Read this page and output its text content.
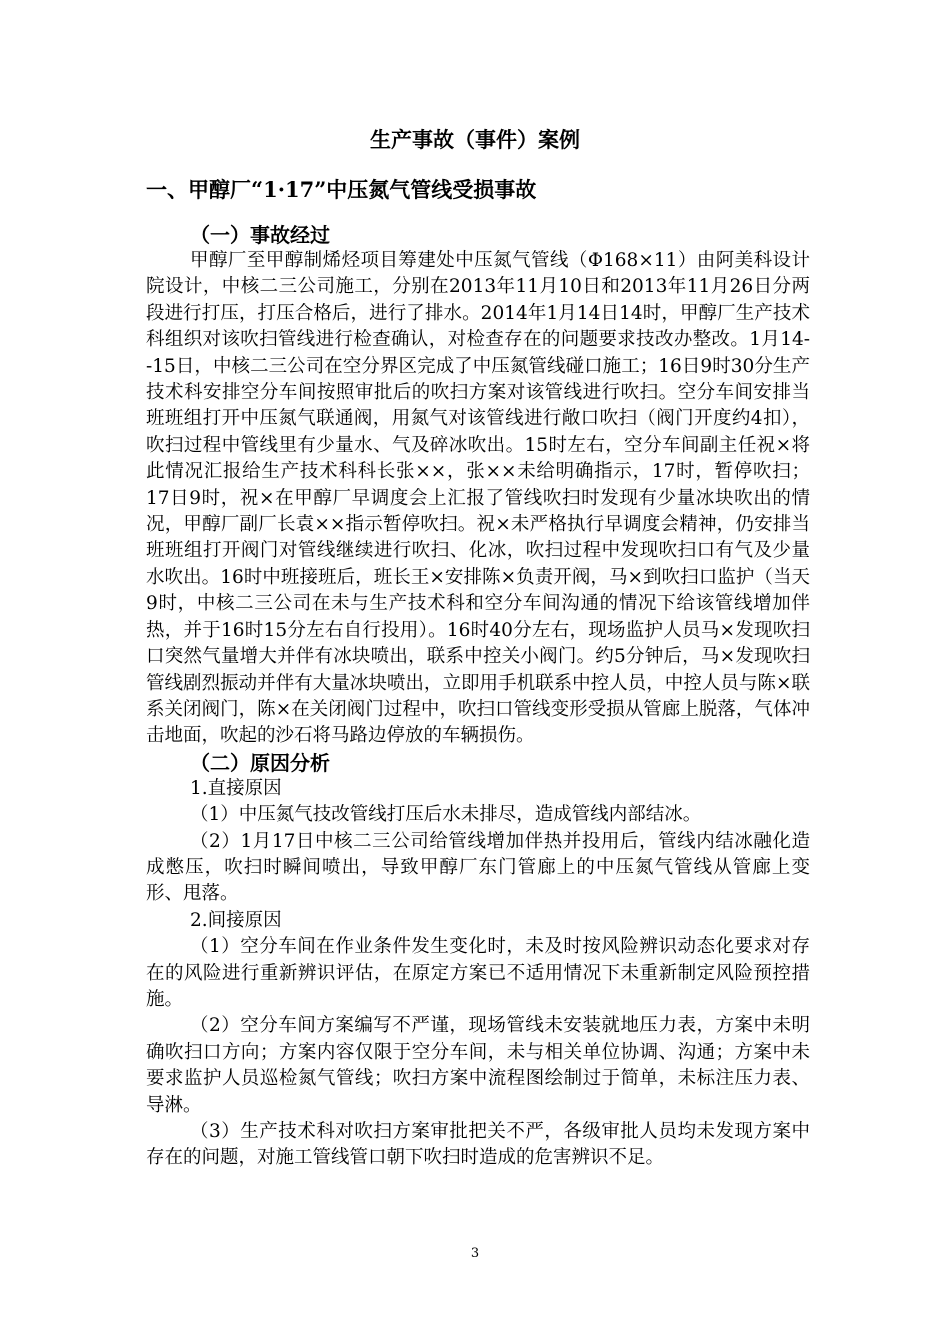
生产事故（事件）案例
一、甲醇厂“1·17”中压氮气管线受损事故
（一）事故经过

甲醇厂至甲醇制烯烃项目筹建处中压氮气管线（Φ168×11）由阿美科设计院设计，中核二三公司施工，分别在2013年11月10日和2013年11月26日分两段进行打压，打压合格后，进行了排水。2014年1月14日14时，甲醇厂生产技术科组织对该吹扫管线进行检查确认，对检查存在的问题要求技改办整改。1月14--15日，中核二三公司在空分界区完成了中压氮管线碰口施工；16日9时30分生产技术科安排空分车间按照审批后的吹扫方案对该管线进行吹扫。空分车间安排当班班组打开中压氮气联通阀，用氮气对该管线进行敞口吹扫（阀门开度约4扣），吹扫过程中管线里有少量水、气及碎冰吹出。15时左右，空分车间副主任祝×将此情况汇报给生产技术科科长张××，张××未给明确指示，17时，暂停吹扫；17日9时，祝×在甲醇厂早调度会上汇报了管线吹扫时发现有少量冰块吹出的情况，甲醇厂副厂长袁××指示暂停吹扫。祝×未严格执行早调度会精神，仍安排当班班组打开阀门对管线继续进行吹扫、化冰，吹扫过程中发现吹扫口有气及少量水吹出。16时中班接班后，班长王×安排陈×负责开阀，马×到吹扫口监护（当天9时，中核二三公司在未与生产技术科和空分车间沟通的情况下给该管线增加伴热，并于16时15分左右自行投用）。16时40分左右，现场监护人员马×发现吹扫口突然气量增大并伴有冰块喷出，联系中控关小阀门。约5分钟后，马×发现吹扫管线剧烈振动并伴有大量冰块喷出，立即用手机联系中控人员，中控人员与陈×联系关闭阀门，陈×在关闭阀门过程中，吹扫口管线变形受损从管廊上脱落，气体冲击地面，吹起的沙石将马路边停放的车辆损伤。

（二）原因分析

1.直接原因

（1）中压氮气技改管线打压后水未排尽，造成管线内部结冰。

（2）1月17日中核二三公司给管线增加伴热并投用后，管线内结冰融化造成憋压，吹扫时瞬间喷出，导致甲醇厂东门管廊上的中压氮气管线从管廊上变形、甩落。

2.间接原因

（1）空分车间在作业条件发生变化时，未及时按风险辨识动态化要求对存在的风险进行重新辨识评估，在原定方案已不适用情况下未重新制定风险预控措施。

（2）空分车间方案编写不严谨，现场管线未安装就地压力表，方案中未明确吹扫口方向；方案内容仅限于空分车间，未与相关单位协调、沟通；方案中未要求监护人员巡检氮气管线；吹扫方案中流程图绘制过于简单，未标注压力表、导淋。

（3）生产技术科对吹扫方案审批把关不严，各级审批人员均未发现方案中存在的问题，对施工管线管口朝下吹扫时造成的危害辨识不足。

3
